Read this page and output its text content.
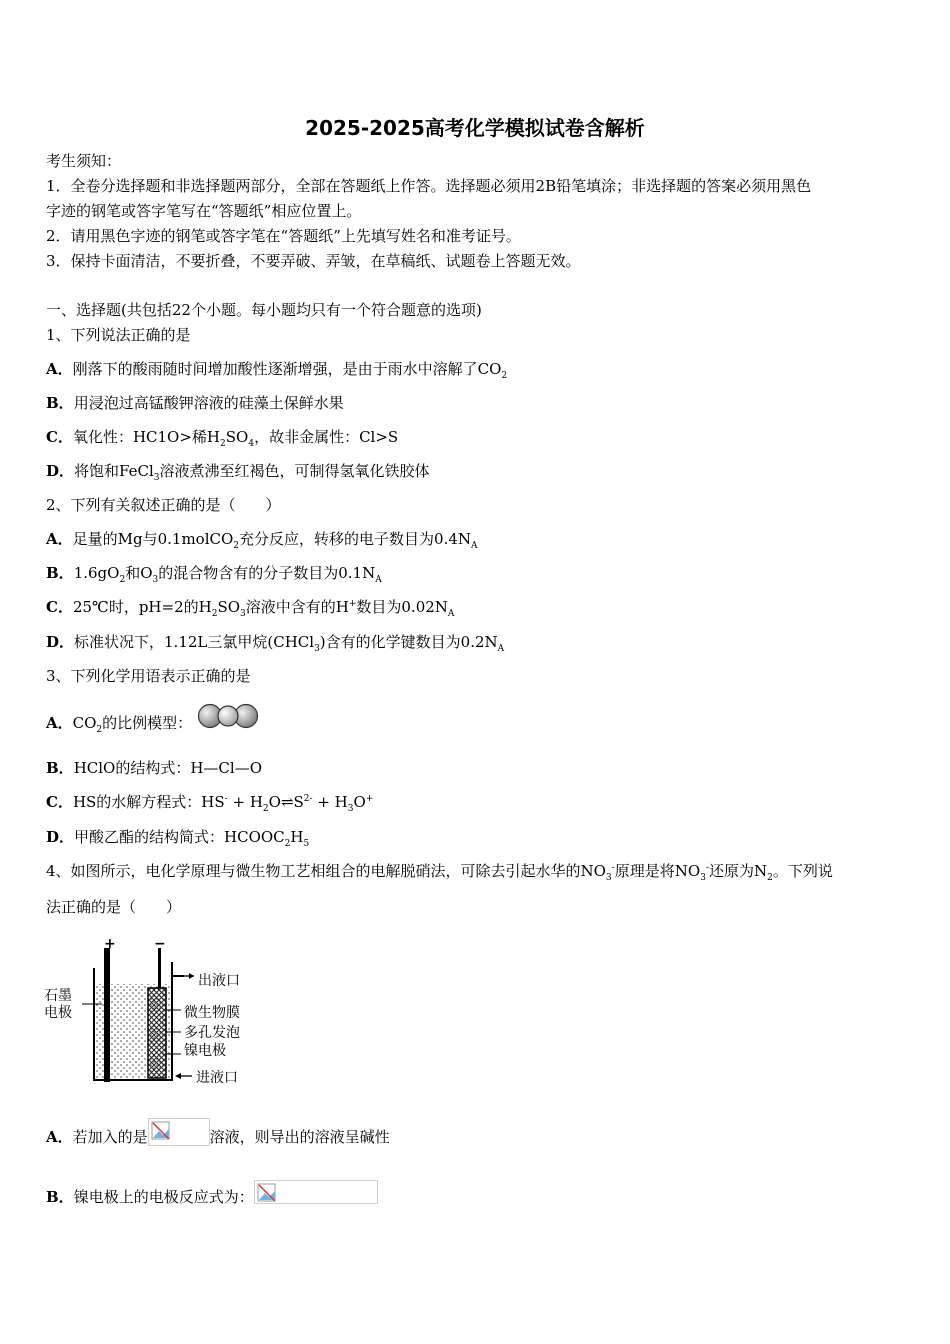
2025-2025高考化学模拟试卷含解析
考生须知：
1．全卷分选择题和非选择题两部分，全部在答题纸上作答。选择题必须用2B铅笔填涂；非选择题的答案必须用黑色
字迹的钢笔或答字笔写在“答题纸”相应位置上。
2．请用黑色字迹的钢笔或答字笔在“答题纸”上先填写姓名和准考证号。
3．保持卡面清洁，不要折叠，不要弄破、弄皱，在草稿纸、试题卷上答题无效。
一、选择题(共包括22个小题。每小题均只有一个符合题意的选项)
1、下列说法正确的是
A．刚落下的酸雨随时间增加酸性逐渐增强，是由于雨水中溶解了$CO_2$
B．用浸泡过高锰酸钾溶液的硅藻土保鲜水果
C．氧化性：HC1O>稀$H_2SO_4$，故非金属性：Cl>S
D．将饱和FeCl$_3$溶液煮沸至红褐色，可制得氢氧化铁胶体
2、下列有关叙述正确的是（　　）
A．足量的Mg与0.1molCO$_2$充分反应，转移的电子数目为$0.4N_A$
B．$1.6gO_2$和$O_3$的混合物含有的分子数目为$0.1N_A$
C．25℃时，pH=2的$H_2SO_3$溶液中含有的H+数目为$0.02N_A$
D．标准状况下，1.12L三氯甲烷(CHCl$_3$)含有的化学键数目为$0.2N_A$
3、下列化学用语表示正确的是
A．$CO_2$的比例模型：
B．HClO的结构式：H—Cl—O
C．HS的水解方程式：$HS^- + H_2O\rightleftharpoons S^{2-} + H_3O^+$
D．甲酸乙酯的结构简式：$HCOOC_2H_5$
4、如图所示，电化学原理与微生物工艺相组合的电解脱硝法，可除去引起水华的$NO_3^-$原理是将$NO_3^-$还原为$N_2$。下列说
法正确的是（　　）
+	−
石墨
电极
出液口
微生物膜
多孔发泡
镍电极
进液口
A．若加入的是	溶液，则导出的溶液呈碱性
B．镍电极上的电极反应式为：
